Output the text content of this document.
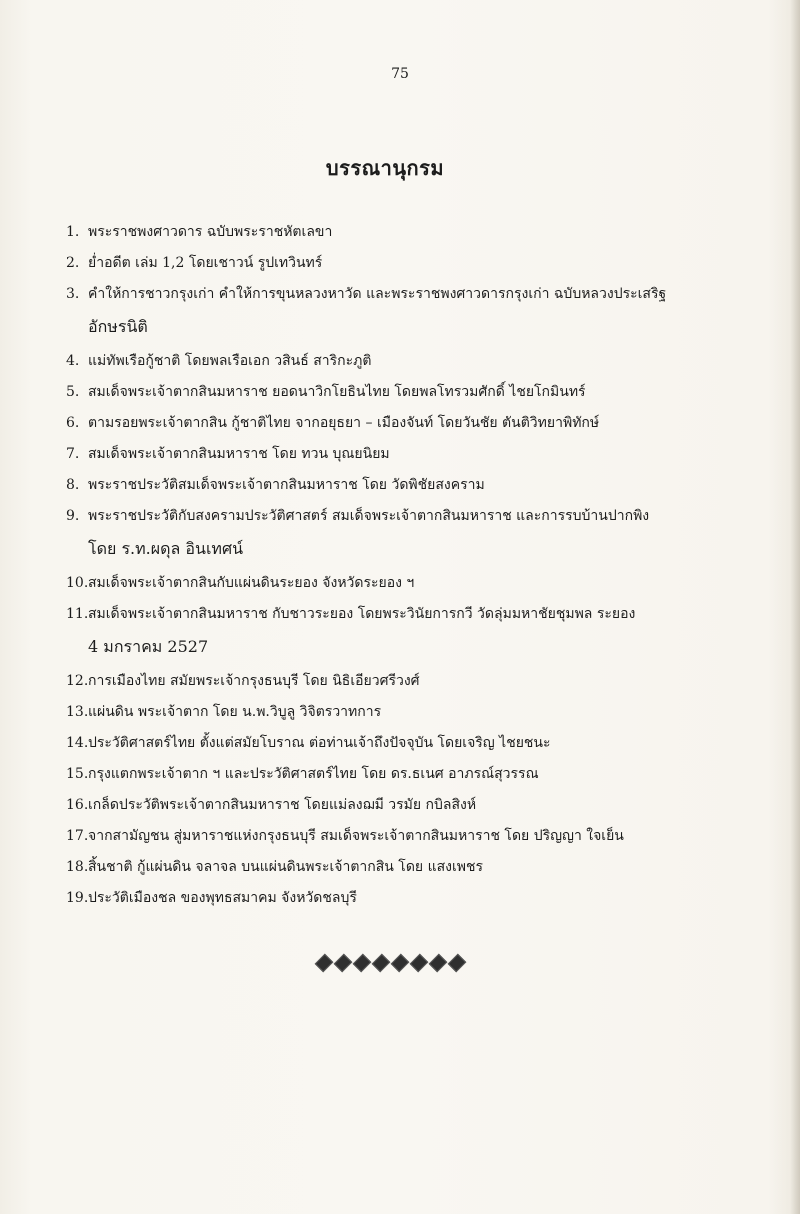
75
บรรณานุกรม
1. พระราชพงศาวดาร ฉบับพระราชหัตเลขา
2. ย่ำอดีต เล่ม 1,2 โดยเชาวน์ รูปเทวินทร์
3. คำให้การชาวกรุงเก่า คำให้การขุนหลวงหาวัด และพระราชพงศาวดารกรุงเก่า ฉบับหลวงประเสริฐ
อักษรนิติ
4. แม่ทัพเรือกู้ชาติ โดยพลเรือเอก วสินธ์ สาริกะภูติ
5. สมเด็จพระเจ้าตากสินมหาราช ยอดนาวิกโยธินไทย โดยพลโทรวมศักดิ์ ไชยโกมินทร์
6. ตามรอยพระเจ้าตากสิน กู้ชาติไทย จากอยุธยา – เมืองจันท์ โดยวันชัย ตันติวิทยาพิทักษ์
7. สมเด็จพระเจ้าตากสินมหาราช โดย ทวน บุณยนิยม
8. พระราชประวัติสมเด็จพระเจ้าตากสินมหาราช โดย วัดพิชัยสงคราม
9. พระราชประวัติกับสงครามประวัติศาสตร์ สมเด็จพระเจ้าตากสินมหาราช และการรบบ้านปากพิง
โดย ร.ท.ผดุล อินเทศน์
10. สมเด็จพระเจ้าตากสินกับแผ่นดินระยอง จังหวัดระยอง ฯ
11. สมเด็จพระเจ้าตากสินมหาราช กับชาวระยอง โดยพระวินัยการกวี วัดลุ่มมหาชัยชุมพล ระยอง
4 มกราคม 2527
12. การเมืองไทย สมัยพระเจ้ากรุงธนบุรี โดย นิธิเอียวศรีวงศ์
13. แผ่นดิน พระเจ้าตาก โดย น.พ.วิบูลู วิจิตรวาทการ
14. ประวัติศาสตร์ไทย ตั้งแต่สมัยโบราณ ต่อท่านเจ้าถึงปัจจุบัน โดยเจริญ ไชยชนะ
15. กรุงแตกพระเจ้าตาก ฯ และประวัติศาสตร์ไทย โดย ดร.ธเนศ อาภรณ์สุวรรณ
16. เกล็ดประวัติพระเจ้าตากสินมหาราช โดยแม่ลงฌมี วรมัย กบิลสิงห์
17. จากสามัญชน สู่มหาราชแห่งกรุงธนบุรี สมเด็จพระเจ้าตากสินมหาราช โดย ปริญญา ใจเย็น
18. สิ้นชาติ กู้แผ่นดิน จลาจล บนแผ่นดินพระเจ้าตากสิน โดย แสงเพชร
19. ประวัติเมืองชล ของพุทธสมาคม จังหวัดชลบุรี
